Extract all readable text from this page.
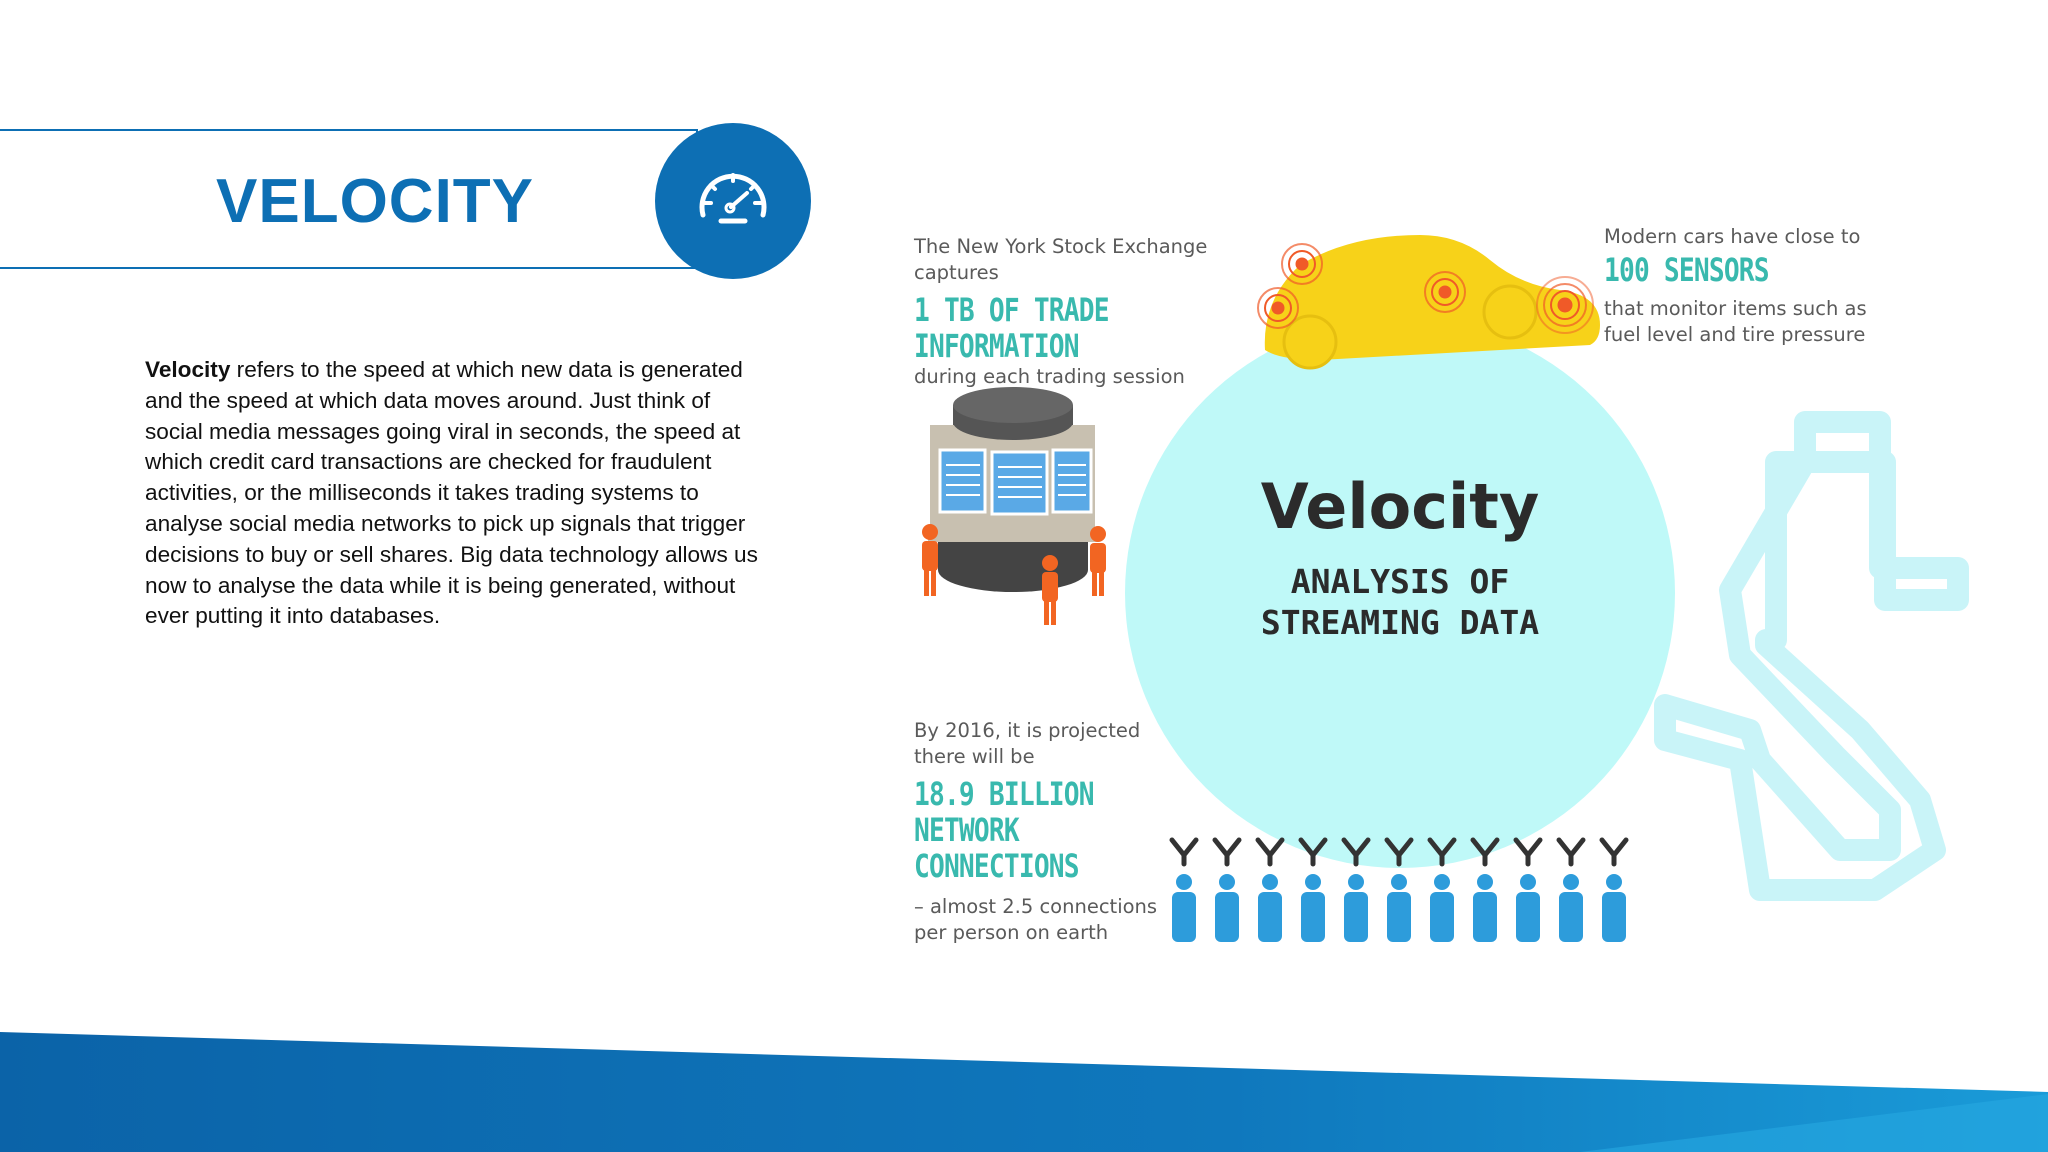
VELOCITY
Velocity refers to the speed at which new data is generated and the speed at which data moves around. Just think of social media messages going viral in seconds, the speed at which credit card transactions are checked for fraudulent activities, or the milliseconds it takes trading systems to analyse social media networks to pick up signals that trigger decisions to buy or sell shares. Big data technology allows us now to analyse the data while it is being generated, without ever putting it into databases.
Velocity
ANALYSIS OF
STREAMING DATA
The New York Stock Exchange
captures
1 TB OF TRADE
INFORMATION
during each trading session
Modern cars have close to
100 SENSORS
that monitor items such as
fuel level and tire pressure
By 2016, it is projected
there will be
18.9 BILLION
NETWORK
CONNECTIONS
– almost 2.5 connections
per person on earth
